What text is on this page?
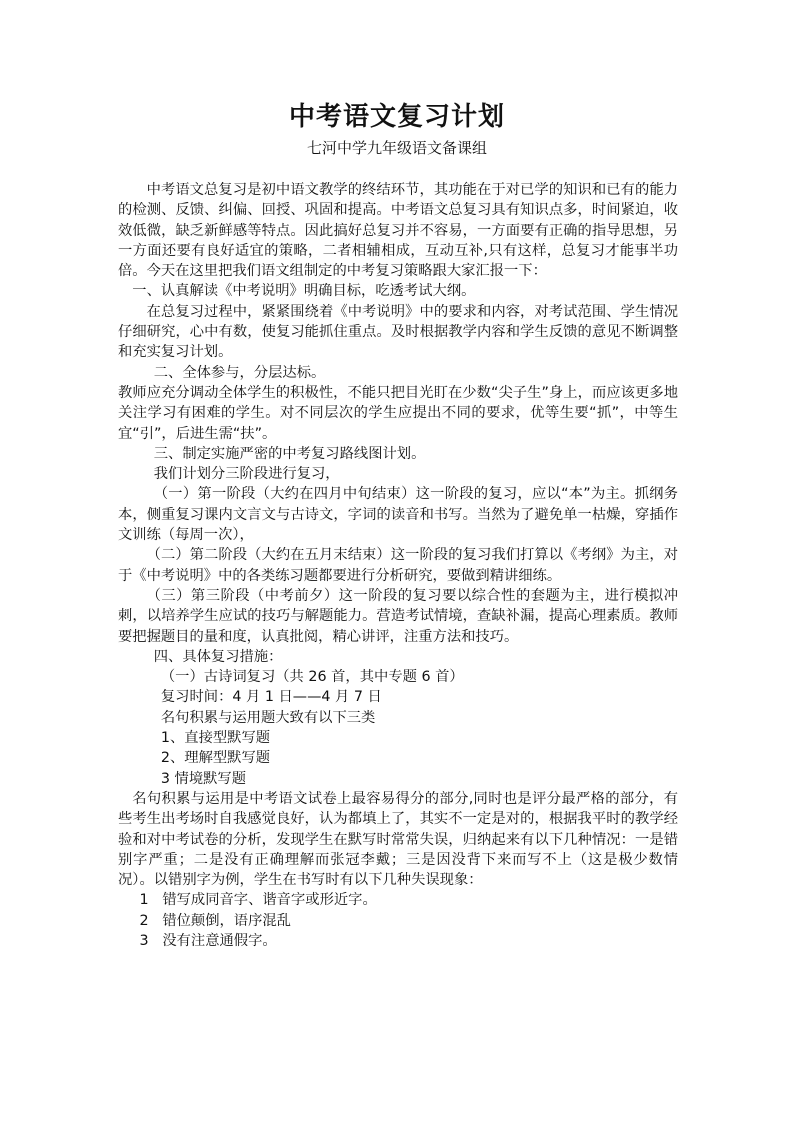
中考语文复习计划
七河中学九年级语文备课组

中考语文总复习是初中语文教学的终结环节，其功能在于对已学的知识和已有的能力的检测、反馈、纠偏、回授、巩固和提高。中考语文总复习具有知识点多，时间紧迫，收效低微，缺乏新鲜感等特点。因此搞好总复习并不容易，一方面要有正确的指导思想，另一方面还要有良好适宜的策略，二者相辅相成，互动互补,只有这样，总复习才能事半功倍。今天在这里把我们语文组制定的中考复习策略跟大家汇报一下：

一、认真解读《中考说明》明确目标，吃透考试大纲。

在总复习过程中，紧紧围绕着《中考说明》中的要求和内容，对考试范围、学生情况仔细研究，心中有数，使复习能抓住重点。及时根据教学内容和学生反馈的意见不断调整和充实复习计划。

二、全体参与，分层达标。

教师应充分调动全体学生的积极性，不能只把目光盯在少数“尖子生”身上，而应该更多地关注学习有困难的学生。对不同层次的学生应提出不同的要求，优等生要“抓”，中等生宜“引”，后进生需“扶”。

三、制定实施严密的中考复习路线图计划。

我们计划分三阶段进行复习，

（一）第一阶段（大约在四月中旬结束）这一阶段的复习，应以“本”为主。抓纲务本，侧重复习课内文言文与古诗文，字词的读音和书写。当然为了避免单一枯燥，穿插作文训练（每周一次），

（二）第二阶段（大约在五月末结束）这一阶段的复习我们打算以《考纲》为主，对于《中考说明》中的各类练习题都要进行分析研究，要做到精讲细练。

（三）第三阶段（中考前夕）这一阶段的复习要以综合性的套题为主，进行模拟冲刺，以培养学生应试的技巧与解题能力。营造考试情境，查缺补漏，提高心理素质。教师要把握题目的量和度，认真批阅，精心讲评，注重方法和技巧。

四、具体复习措施：

（一）古诗词复习（共 26 首，其中专题 6 首）

复习时间：4 月 1 日——4 月 7 日

名句积累与运用题大致有以下三类

1、直接型默写题

2、理解型默写题

3 情境默写题

名句积累与运用是中考语文试卷上最容易得分的部分,同时也是评分最严格的部分，有些考生出考场时自我感觉良好，认为都填上了，其实不一定是对的，根据我平时的教学经验和对中考试卷的分析，发现学生在默写时常常失误，归纳起来有以下几种情况：一是错别字严重；二是没有正确理解而张冠李戴；三是因没背下来而写不上（这是极少数情况）。以错别字为例，学生在书写时有以下几种失误现象：

1 错写成同音字、谐音字或形近字。

2 错位颠倒，语序混乱

3 没有注意通假字。
